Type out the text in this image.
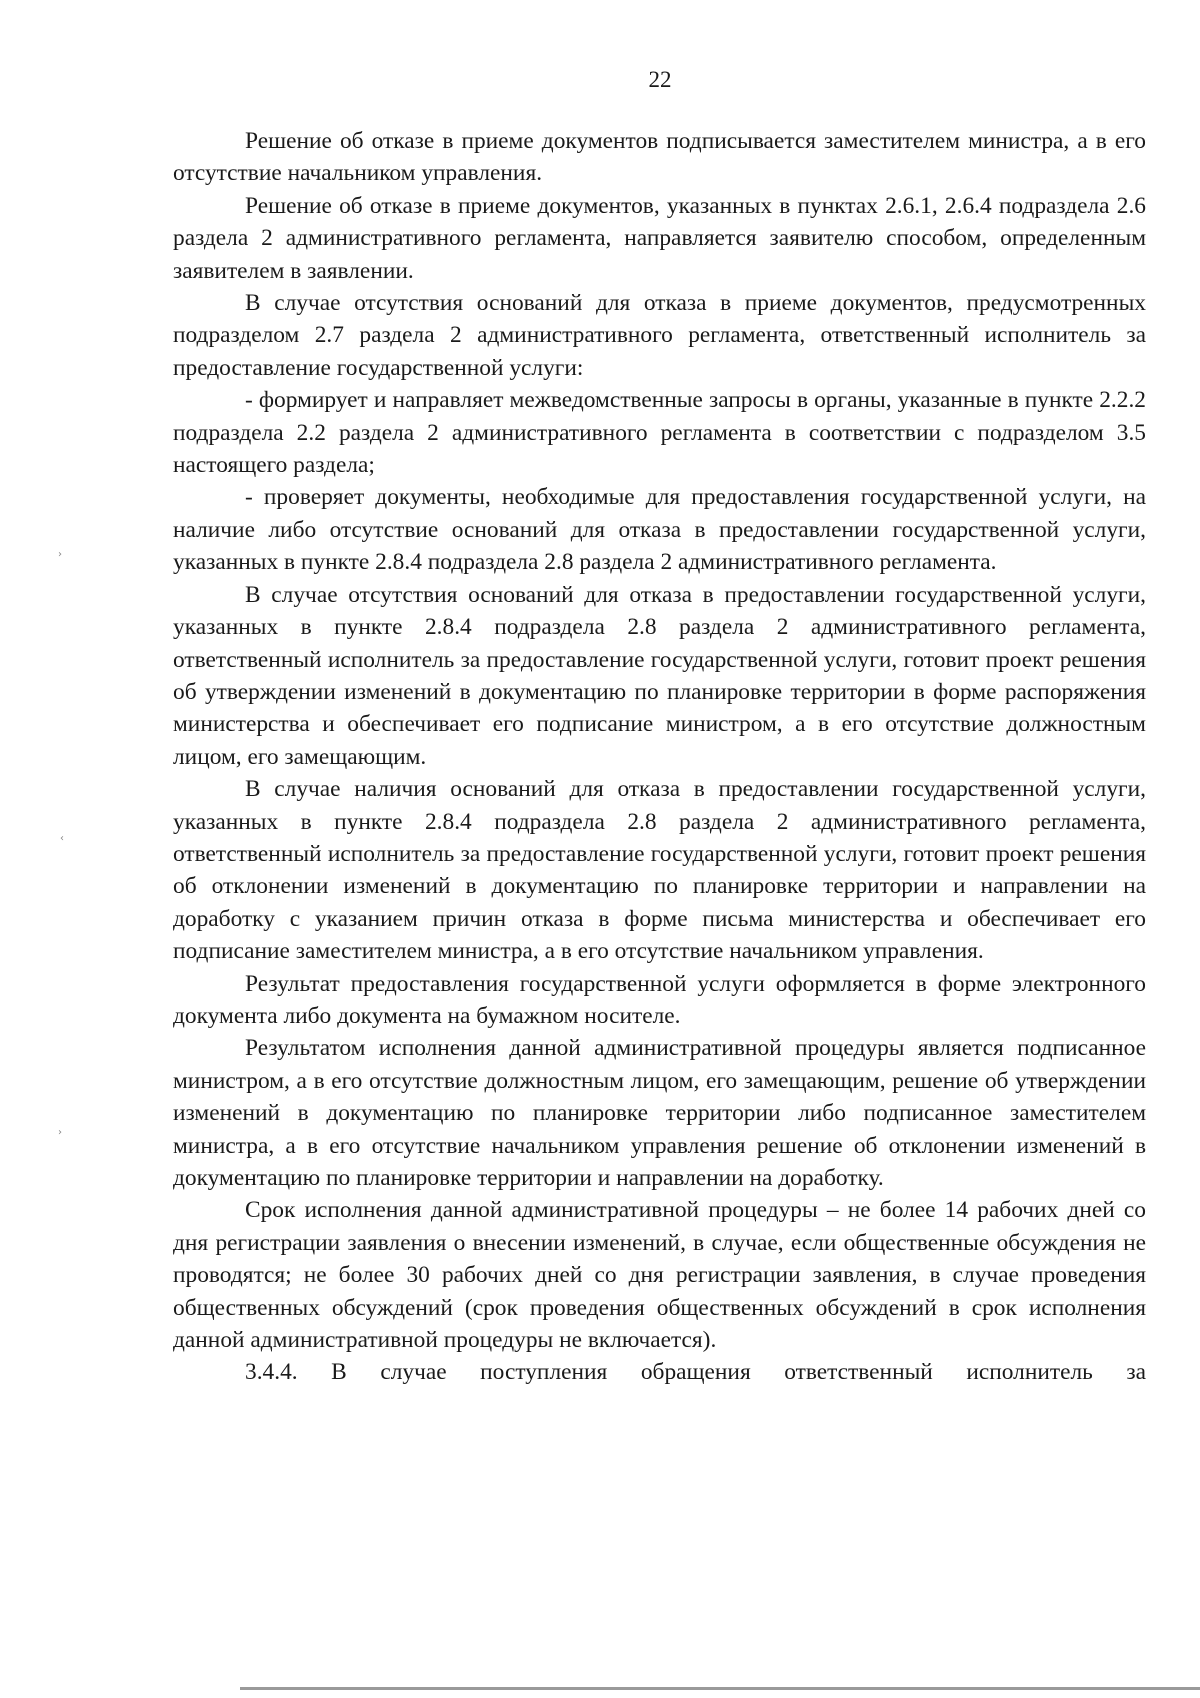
22

Решение об отказе в приеме документов подписывается заместителем министра, а в его отсутствие начальником управления.

Решение об отказе в приеме документов, указанных в пунктах 2.6.1, 2.6.4 подраздела 2.6 раздела 2 административного регламента, направляется заявителю способом, определенным заявителем в заявлении.

В случае отсутствия оснований для отказа в приеме документов, предусмотренных подразделом 2.7 раздела 2 административного регламента, ответственный исполнитель за предоставление государственной услуги:

- формирует и направляет межведомственные запросы в органы, указанные в пункте 2.2.2 подраздела 2.2 раздела 2 административного регламента в соответствии с подразделом 3.5 настоящего раздела;

- проверяет документы, необходимые для предоставления государственной услуги, на наличие либо отсутствие оснований для отказа в предоставлении государственной услуги, указанных в пункте 2.8.4 подраздела 2.8 раздела 2 административного регламента.

В случае отсутствия оснований для отказа в предоставлении государственной услуги, указанных в пункте 2.8.4 подраздела 2.8 раздела 2 административного регламента, ответственный исполнитель за предоставление государственной услуги, готовит проект решения об утверждении изменений в документацию по планировке территории в форме распоряжения министерства и обеспечивает его подписание министром, а в его отсутствие должностным лицом, его замещающим.

В случае наличия оснований для отказа в предоставлении государственной услуги, указанных в пункте 2.8.4 подраздела 2.8 раздела 2 административного регламента, ответственный исполнитель за предоставление государственной услуги, готовит проект решения об отклонении изменений в документацию по планировке территории и направлении на доработку с указанием причин отказа в форме письма министерства и обеспечивает его подписание заместителем министра, а в его отсутствие начальником управления.

Результат предоставления государственной услуги оформляется в форме электронного документа либо документа на бумажном носителе.

Результатом исполнения данной административной процедуры является подписанное министром, а в его отсутствие должностным лицом, его замещающим, решение об утверждении изменений в документацию по планировке территории либо подписанное заместителем министра, а в его отсутствие начальником управления решение об отклонении изменений в документацию по планировке территории и направлении на доработку.

Срок исполнения данной административной процедуры – не более 14 рабочих дней со дня регистрации заявления о внесении изменений, в случае, если общественные обсуждения не проводятся; не более 30 рабочих дней со дня регистрации заявления, в случае проведения общественных обсуждений (срок проведения общественных обсуждений в срок исполнения данной административной процедуры не включается).

3.4.4. В случае поступления обращения ответственный исполнитель за

›
‹
›
